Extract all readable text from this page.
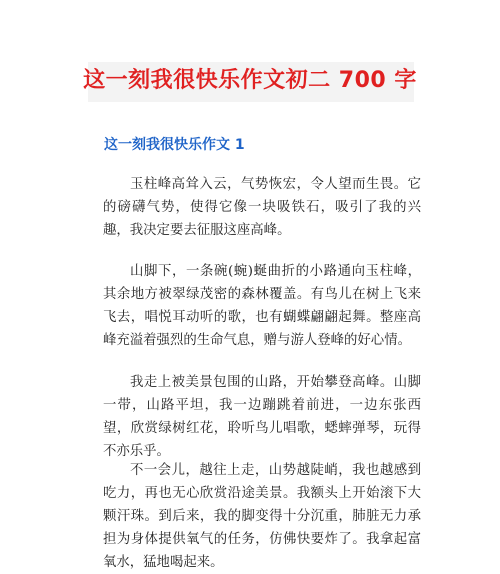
这一刻我很快乐作文初二 700 字
这一刻我很快乐作文 1

玉柱峰高耸入云，气势恢宏，令人望而生畏。它的磅礴气势，使得它像一块吸铁石，吸引了我的兴趣，我决定要去征服这座高峰。

山脚下，一条碗(蜿)蜒曲折的小路通向玉柱峰，其余地方被翠绿茂密的森林覆盖。有鸟儿在树上飞来飞去，唱悦耳动听的歌，也有蝴蝶翩翩起舞。整座高峰充溢着强烈的生命气息，赠与游人登峰的好心情。

我走上被美景包围的山路，开始攀登高峰。山脚一带，山路平坦，我一边蹦跳着前进，一边东张西望，欣赏绿树红花，聆听鸟儿唱歌，蟋蟀弹琴，玩得不亦乐乎。

不一会儿，越往上走，山势越陡峭，我也越感到吃力，再也无心欣赏沿途美景。我额头上开始滚下大颗汗珠。到后来，我的脚变得十分沉重，肺脏无力承担为身体提供氧气的任务，仿佛快要炸了。我拿起富氧水，猛地喝起来。
